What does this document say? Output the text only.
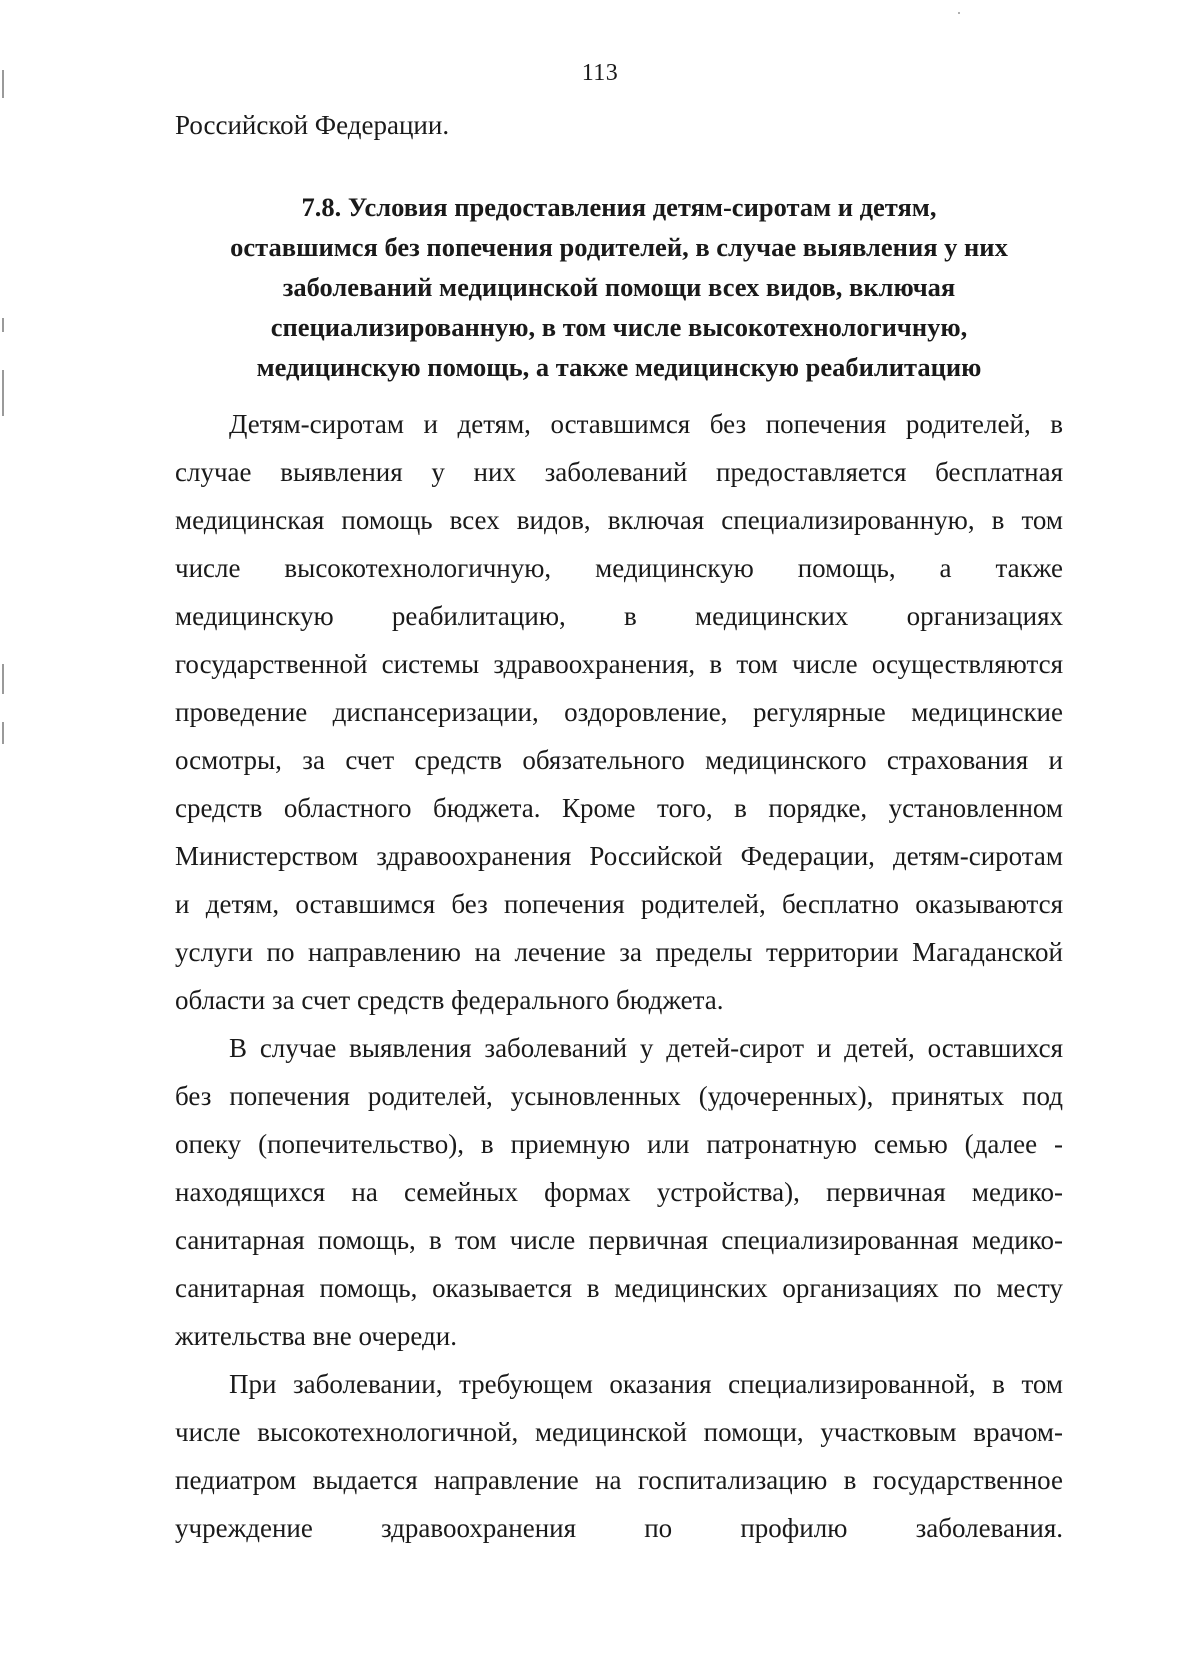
113
Российской Федерации.
7.8. Условия предоставления детям-сиротам и детям,
оставшимся без попечения родителей, в случае выявления у них
заболеваний медицинской помощи всех видов, включая
специализированную, в том числе высокотехнологичную,
медицинскую помощь, а также медицинскую реабилитацию
Детям-сиротам и детям, оставшимся без попечения родителей, в
случае выявления у них заболеваний предоставляется бесплатная
медицинская помощь всех видов, включая специализированную, в том
числе высокотехнологичную, медицинскую помощь, а также
медицинскую реабилитацию, в медицинских организациях
государственной системы здравоохранения, в том числе осуществляются
проведение диспансеризации, оздоровление, регулярные медицинские
осмотры, за счет средств обязательного медицинского страхования и
средств областного бюджета. Кроме того, в порядке, установленном
Министерством здравоохранения Российской Федерации, детям-сиротам
и детям, оставшимся без попечения родителей, бесплатно оказываются
услуги по направлению на лечение за пределы территории Магаданской
области за счет средств федерального бюджета.
В случае выявления заболеваний у детей-сирот и детей, оставшихся
без попечения родителей, усыновленных (удочеренных), принятых под
опеку (попечительство), в приемную или патронатную семью (далее -
находящихся на семейных формах устройства), первичная медико-
санитарная помощь, в том числе первичная специализированная медико-
санитарная помощь, оказывается в медицинских организациях по месту
жительства вне очереди.
При заболевании, требующем оказания специализированной, в том
числе высокотехнологичной, медицинской помощи, участковым врачом-
педиатром выдается направление на госпитализацию в государственное
учреждение здравоохранения по профилю заболевания.
